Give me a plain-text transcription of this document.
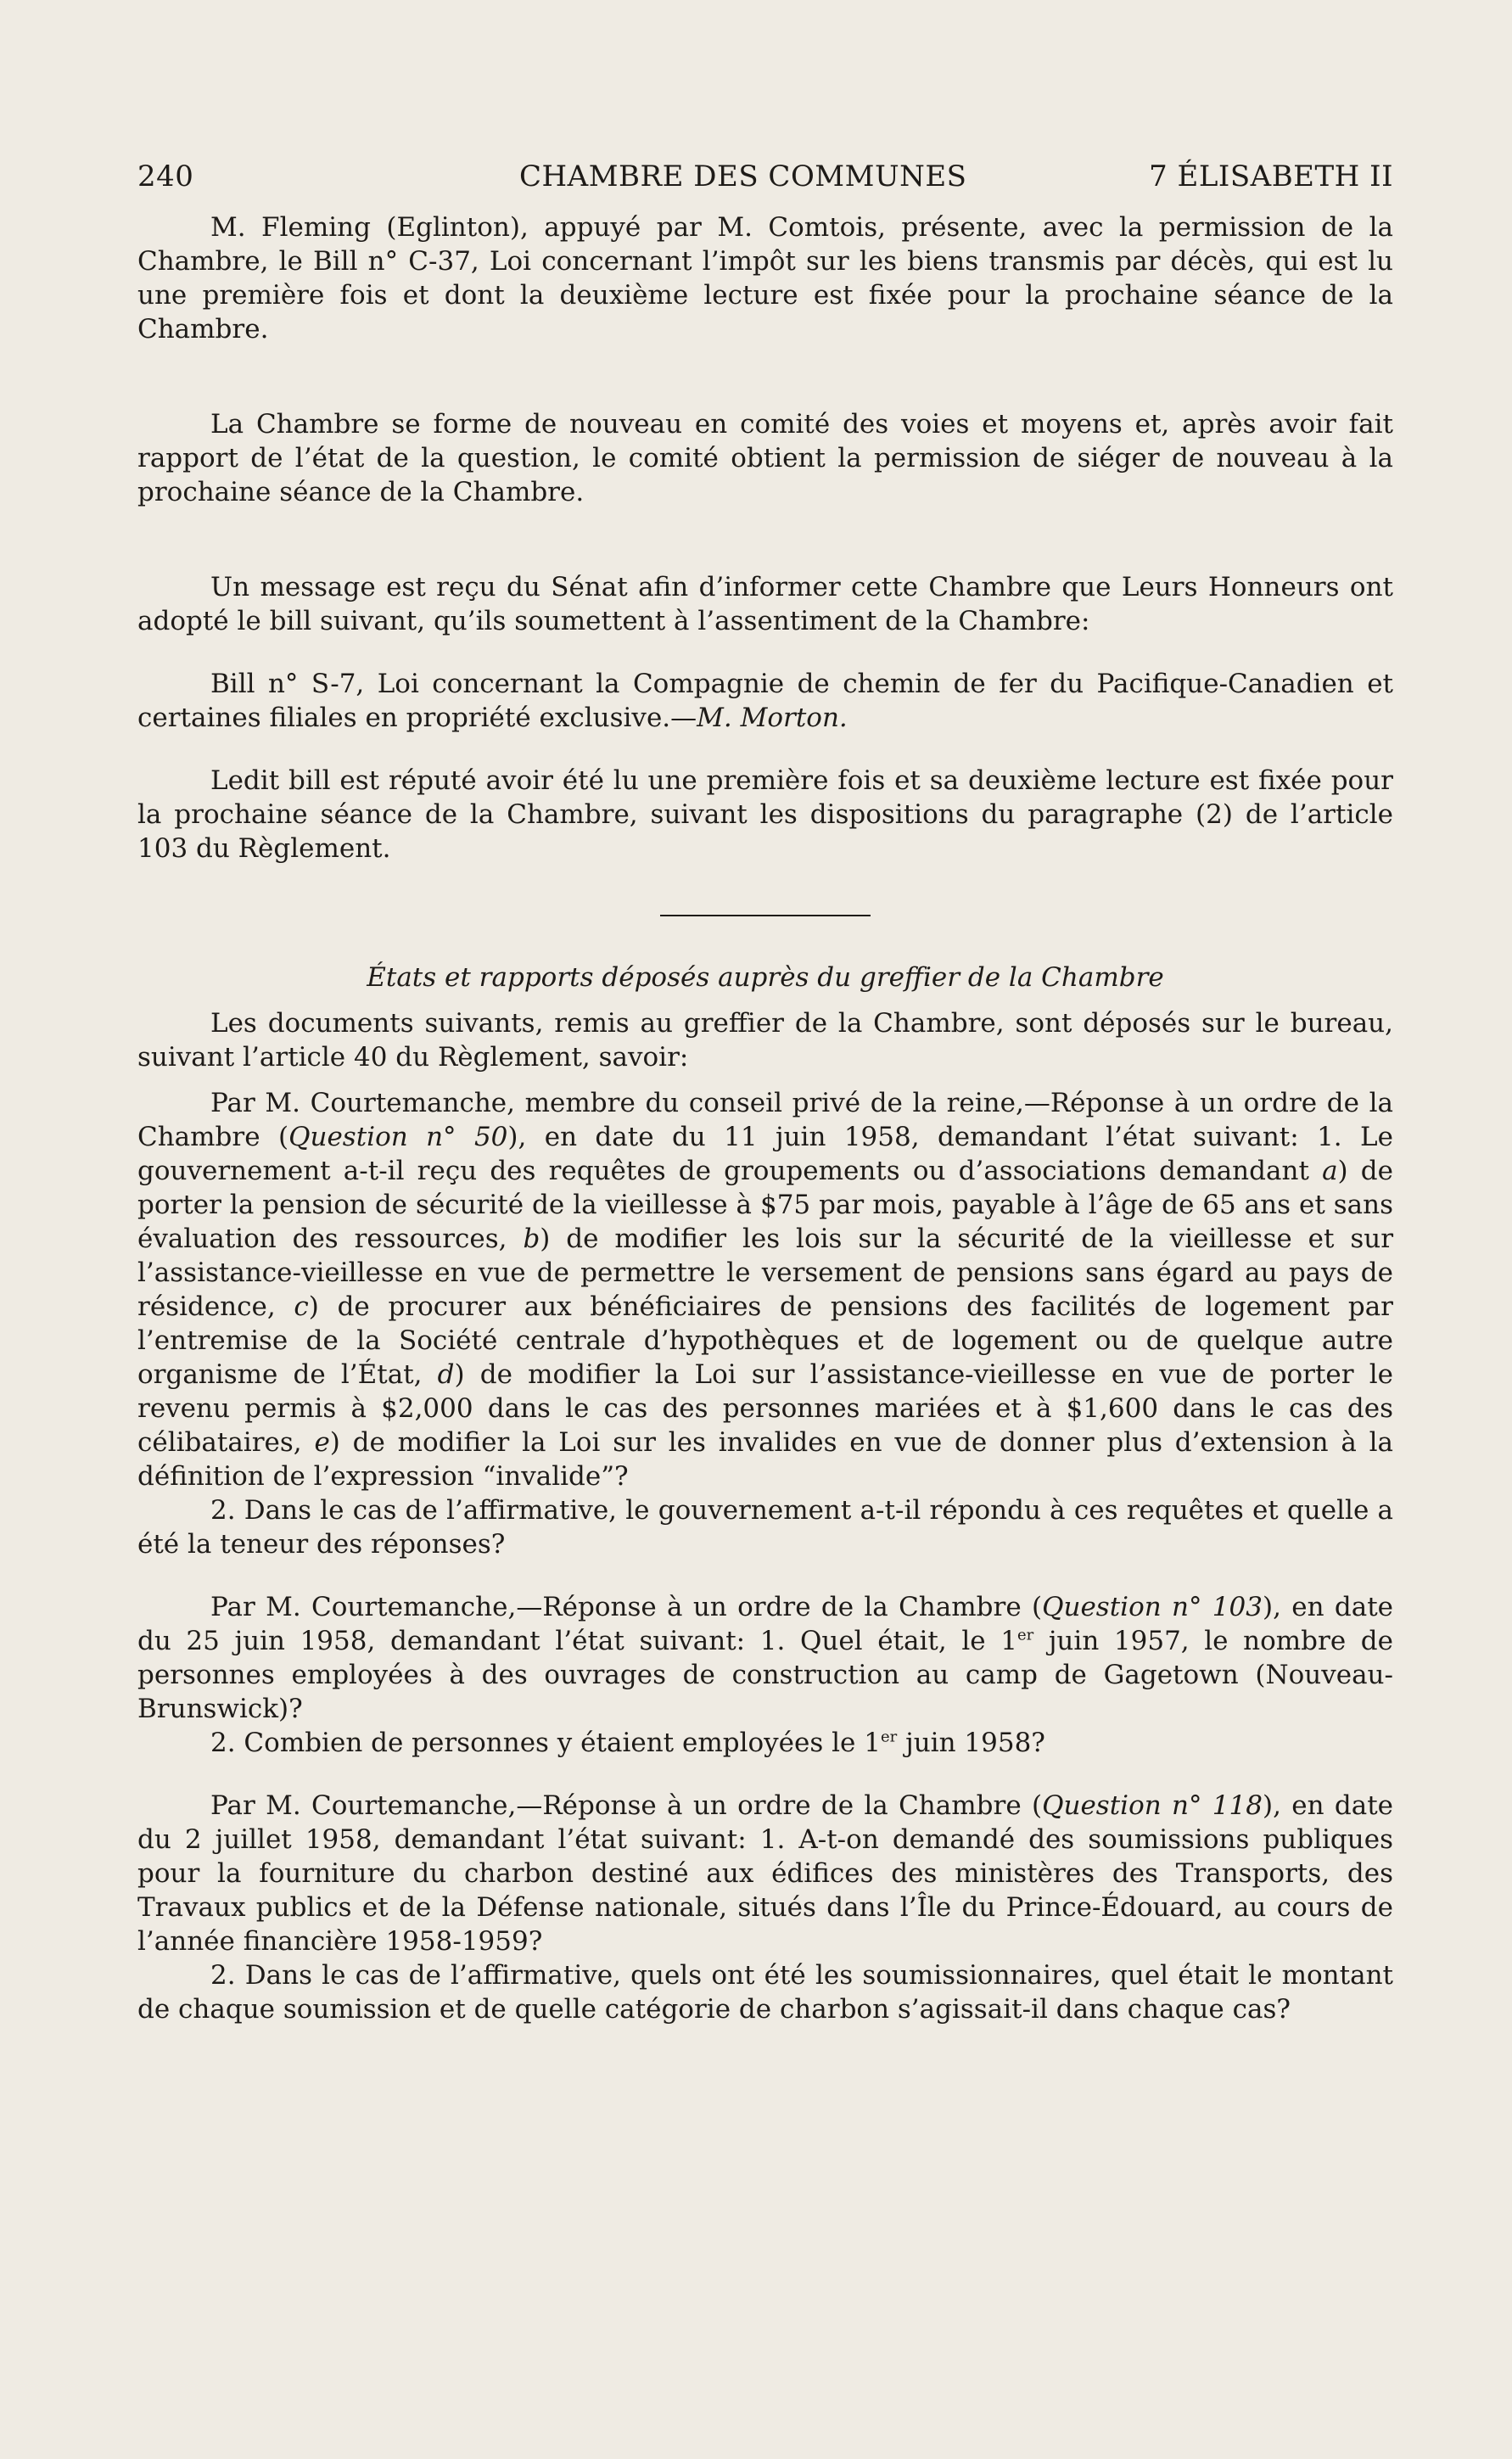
240	CHAMBRE DES COMMUNES	7 ÉLISABETH II

M. Fleming (Eglinton), appuyé par M. Comtois, présente, avec la permission de la Chambre, le Bill n° C-37, Loi concernant l’impôt sur les biens transmis par décès, qui est lu une première fois et dont la deuxième lecture est fixée pour la prochaine séance de la Chambre.

La Chambre se forme de nouveau en comité des voies et moyens et, après avoir fait rapport de l’état de la question, le comité obtient la permission de siéger de nouveau à la prochaine séance de la Chambre.

Un message est reçu du Sénat afin d’informer cette Chambre que Leurs Honneurs ont adopté le bill suivant, qu’ils soumettent à l’assentiment de la Chambre:

Bill n° S-7, Loi concernant la Compagnie de chemin de fer du Pacifique-Canadien et certaines filiales en propriété exclusive.—M. Morton.

Ledit bill est réputé avoir été lu une première fois et sa deuxième lecture est fixée pour la prochaine séance de la Chambre, suivant les dispositions du paragraphe (2) de l’article 103 du Règlement.

États et rapports déposés auprès du greffier de la Chambre

Les documents suivants, remis au greffier de la Chambre, sont déposés sur le bureau, suivant l’article 40 du Règlement, savoir:

Par M. Courtemanche, membre du conseil privé de la reine,—Réponse à un ordre de la Chambre (Question n° 50), en date du 11 juin 1958, demandant l’état suivant: 1. Le gouvernement a-t-il reçu des requêtes de groupements ou d’associations demandant a) de porter la pension de sécurité de la vieillesse à $75 par mois, payable à l’âge de 65 ans et sans évaluation des ressources, b) de modifier les lois sur la sécurité de la vieillesse et sur l’assistance-vieillesse en vue de permettre le versement de pensions sans égard au pays de résidence, c) de procurer aux bénéficiaires de pensions des facilités de logement par l’entremise de la Société centrale d’hypothèques et de logement ou de quelque autre organisme de l’État, d) de modifier la Loi sur l’assistance-vieillesse en vue de porter le revenu permis à $2,000 dans le cas des personnes mariées et à $1,600 dans le cas des célibataires, e) de modifier la Loi sur les invalides en vue de donner plus d’extension à la définition de l’expression “invalide”?

2. Dans le cas de l’affirmative, le gouvernement a-t-il répondu à ces requêtes et quelle a été la teneur des réponses?

Par M. Courtemanche,—Réponse à un ordre de la Chambre (Question n° 103), en date du 25 juin 1958, demandant l’état suivant: 1. Quel était, le 1er juin 1957, le nombre de personnes employées à des ouvrages de construction au camp de Gagetown (Nouveau-Brunswick)?

2. Combien de personnes y étaient employées le 1er juin 1958?

Par M. Courtemanche,—Réponse à un ordre de la Chambre (Question n° 118), en date du 2 juillet 1958, demandant l’état suivant: 1. A-t-on demandé des soumissions publiques pour la fourniture du charbon destiné aux édifices des ministères des Transports, des Travaux publics et de la Défense nationale, situés dans l’Île du Prince-Édouard, au cours de l’année financière 1958-1959?

2. Dans le cas de l’affirmative, quels ont été les soumissionnaires, quel était le montant de chaque soumission et de quelle catégorie de charbon s’agissait-il dans chaque cas?
